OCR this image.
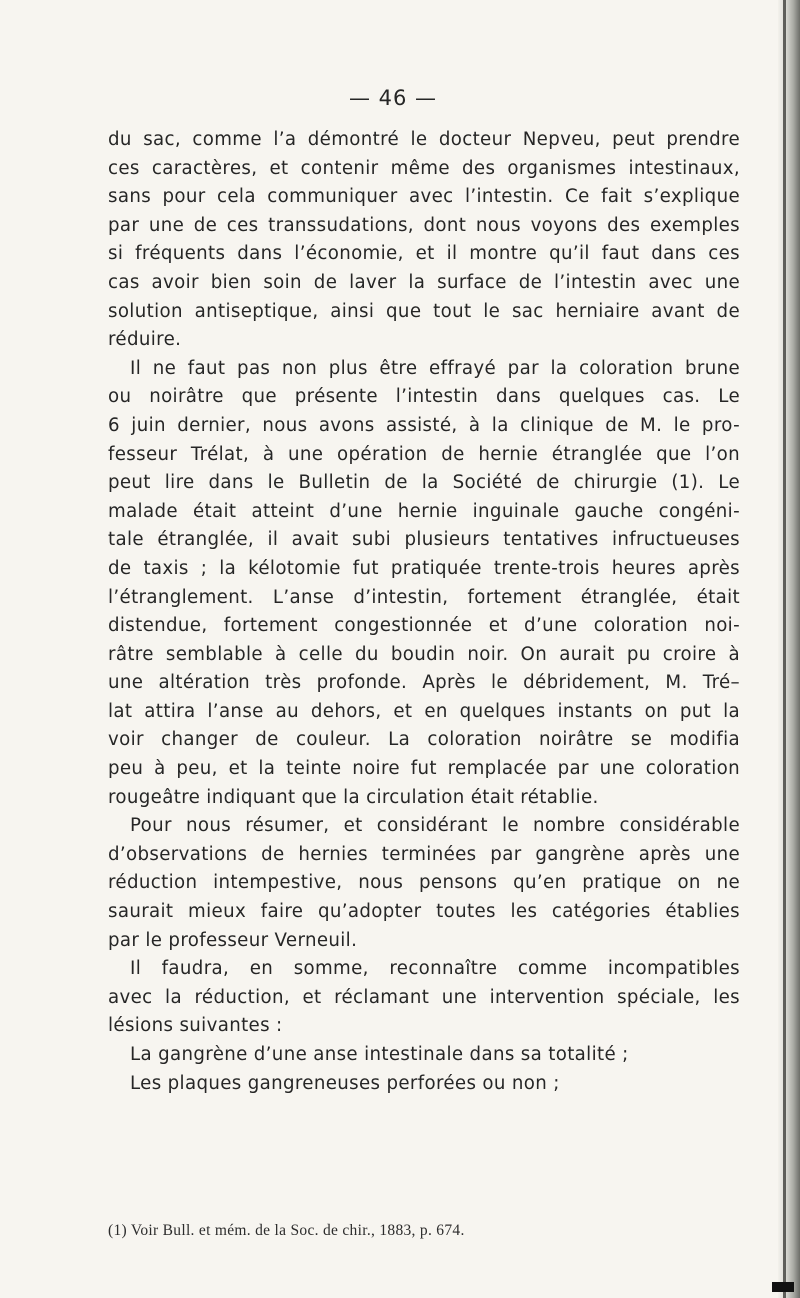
— 46 —
du sac, comme l’a démontré le docteur Nepveu, peut prendre
ces caractères, et contenir même des organismes intestinaux,
sans pour cela communiquer avec l’intestin. Ce fait s’explique
par une de ces transsudations, dont nous voyons des exemples
si fréquents dans l’économie, et il montre qu’il faut dans ces
cas avoir bien soin de laver la surface de l’intestin avec une
solution antiseptique, ainsi que tout le sac herniaire avant de
réduire.
Il ne faut pas non plus être effrayé par la coloration brune
ou noirâtre que présente l’intestin dans quelques cas. Le
6 juin dernier, nous avons assisté, à la clinique de M. le pro-
fesseur Trélat, à une opération de hernie étranglée que l’on
peut lire dans le Bulletin de la Société de chirurgie (1). Le
malade était atteint d’une hernie inguinale gauche congéni-
tale étranglée, il avait subi plusieurs tentatives infructueuses
de taxis ; la kélotomie fut pratiquée trente-trois heures après
l’étranglement. L’anse d’intestin, fortement étranglée, était
distendue, fortement congestionnée et d’une coloration noi-
râtre semblable à celle du boudin noir. On aurait pu croire à
une altération très profonde. Après le débridement, M. Tré–
lat attira l’anse au dehors, et en quelques instants on put la
voir changer de couleur. La coloration noirâtre se modifia
peu à peu, et la teinte noire fut remplacée par une coloration
rougeâtre indiquant que la circulation était rétablie.
Pour nous résumer, et considérant le nombre considérable
d’observations de hernies terminées par gangrène après une
réduction intempestive, nous pensons qu’en pratique on ne
saurait mieux faire qu’adopter toutes les catégories établies
par le professeur Verneuil.
Il faudra, en somme, reconnaître comme incompatibles
avec la réduction, et réclamant une intervention spéciale, les
lésions suivantes :
La gangrène d’une anse intestinale dans sa totalité ;
Les plaques gangreneuses perforées ou non ;
(1) Voir Bull. et mém. de la Soc. de chir., 1883, p. 674.
